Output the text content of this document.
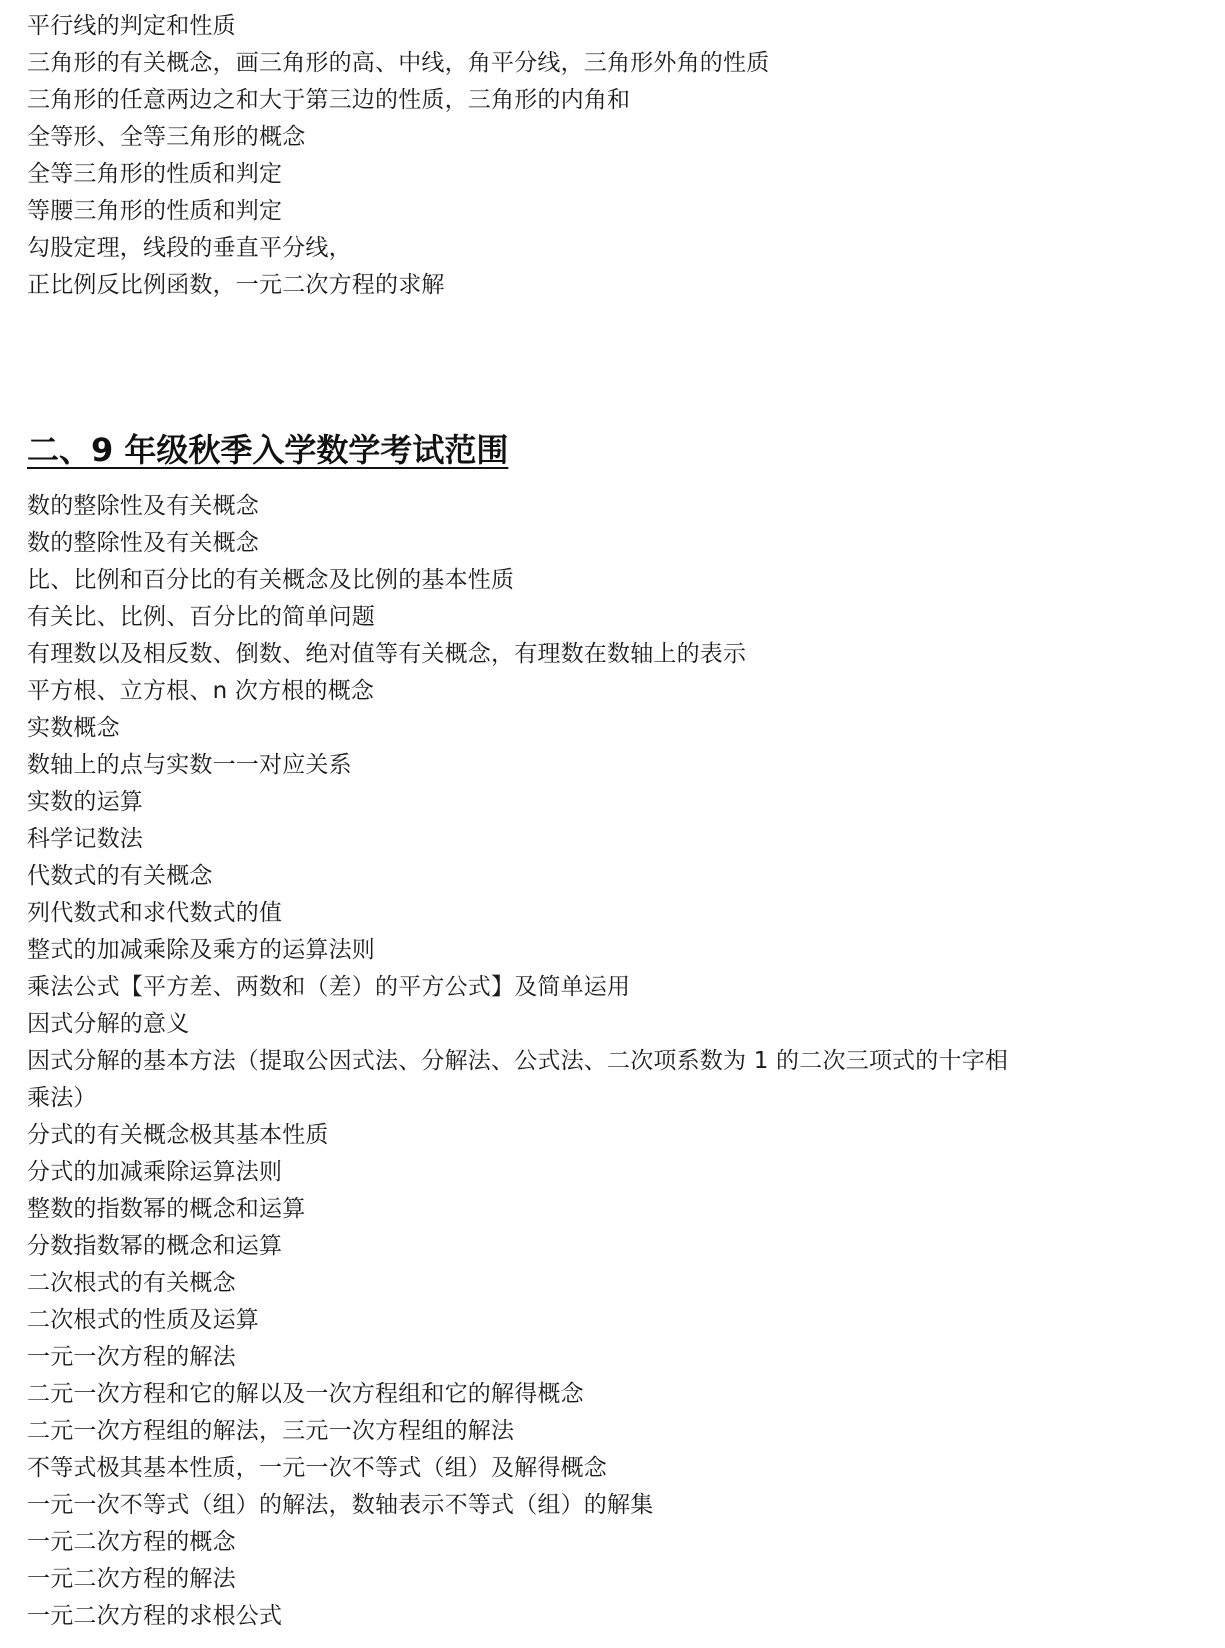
平行线的判定和性质
三角形的有关概念，画三角形的高、中线，角平分线，三角形外角的性质
三角形的任意两边之和大于第三边的性质，三角形的内角和
全等形、全等三角形的概念
全等三角形的性质和判定
等腰三角形的性质和判定
勾股定理，线段的垂直平分线，
正比例反比例函数，一元二次方程的求解
二、9 年级秋季入学数学考试范围
数的整除性及有关概念
数的整除性及有关概念
比、比例和百分比的有关概念及比例的基本性质
有关比、比例、百分比的简单问题
有理数以及相反数、倒数、绝对值等有关概念，有理数在数轴上的表示
平方根、立方根、n 次方根的概念
实数概念
数轴上的点与实数一一对应关系
实数的运算
科学记数法
代数式的有关概念
列代数式和求代数式的值
整式的加减乘除及乘方的运算法则
乘法公式【平方差、两数和（差）的平方公式】及简单运用
因式分解的意义
因式分解的基本方法（提取公因式法、分解法、公式法、二次项系数为 1 的二次三项式的十字相乘法）
分式的有关概念极其基本性质
分式的加减乘除运算法则
整数的指数幂的概念和运算
分数指数幂的概念和运算
二次根式的有关概念
二次根式的性质及运算
一元一次方程的解法
二元一次方程和它的解以及一次方程组和它的解得概念
二元一次方程组的解法，三元一次方程组的解法
不等式极其基本性质，一元一次不等式（组）及解得概念
一元一次不等式（组）的解法，数轴表示不等式（组）的解集
一元二次方程的概念
一元二次方程的解法
一元二次方程的求根公式
